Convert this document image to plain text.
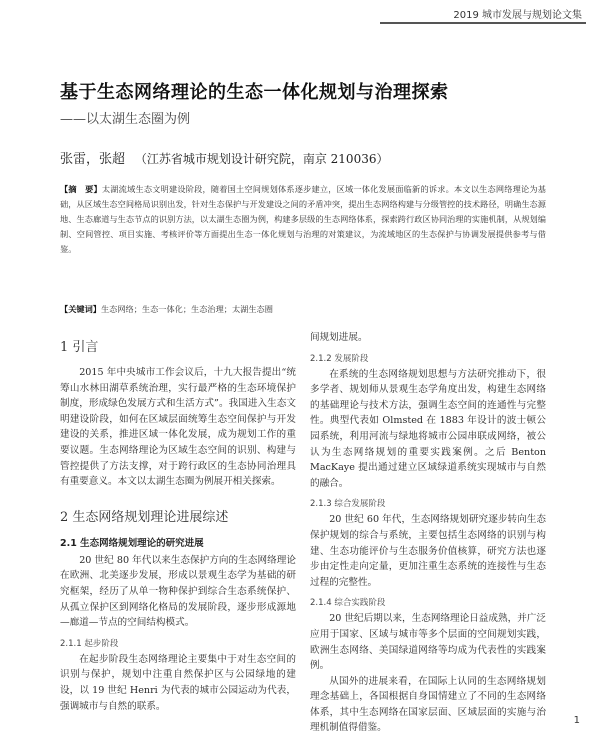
2019 城市发展与规划论文集
基于生态网络理论的生态一体化规划与治理探索
——以太湖生态圈为例
张雷，张超 （江苏省城市规划设计研究院，南京 210036）
【摘　要】太湖流域生态文明建设阶段，随着国土空间规划体系逐步建立，区域一体化发展面临新的诉求。本文以生态网络理论为基础，从区域生态空间格局识别出发，针对生态保护与开发建设之间的矛盾冲突，提出生态网络构建与分级管控的技术路径，明确生态源地、生态廊道与生态节点的识别方法，以太湖生态圈为例，构建多层级的生态网络体系，探索跨行政区协同治理的实施机制，从规划编制、空间管控、项目实施、考核评价等方面提出生态一体化规划与治理的对策建议，为流域地区的生态保护与协调发展提供参考与借鉴。
【关键词】生态网络；生态一体化；生态治理；太湖生态圈
1 引言

2015 年中央城市工作会议后，十九大报告提出“统筹山水林田湖草系统治理，实行最严格的生态环境保护制度，形成绿色发展方式和生活方式”。我国进入生态文明建设阶段，如何在区域层面统筹生态空间保护与开发建设的关系，推进区域一体化发展，成为规划工作的重要议题。生态网络理论为区域生态空间的识别、构建与管控提供了方法支撑，对于跨行政区的生态协同治理具有重要意义。本文以太湖生态圈为例展开相关探索。

2 生态网络规划理论进展综述
2.1 生态网络规划理论的研究进展

20 世纪 80 年代以来生态保护方向的生态网络理论在欧洲、北美逐步发展，形成以景观生态学为基础的研究框架，经历了从单一物种保护到综合生态系统保护、从孤立保护区到网络化格局的发展阶段，逐步形成源地—廊道—节点的空间结构模式。

2.1.1 起步阶段

在起步阶段生态网络理论主要集中于对生态空间的识别与保护，规划中注重自然保护区与公园绿地的建设，以 19 世纪 Henri 为代表的城市公园运动为代表，强调城市与自然的联系。

间规划进展。

2.1.2 发展阶段

在系统的生态网络规划思想与方法研究推动下，很多学者、规划师从景观生态学角度出发，构建生态网络的基础理论与技术方法，强调生态空间的连通性与完整性。典型代表如 Olmsted 在 1883 年设计的波士顿公园系统，利用河流与绿地将城市公园串联成网络，被公认为生态网络规划的重要实践案例。之后 Benton MacKaye 提出通过建立区域绿道系统实现城市与自然的融合。

2.1.3 综合发展阶段

20 世纪 60 年代，生态网络规划研究逐步转向生态保护规划的综合与系统，主要包括生态网络的识别与构建、生态功能评价与生态服务价值核算，研究方法也逐步由定性走向定量，更加注重生态系统的连接性与生态过程的完整性。

2.1.4 综合实践阶段

20 世纪后期以来，生态网络理论日益成熟，并广泛应用于国家、区域与城市等多个层面的空间规划实践，欧洲生态网络、美国绿道网络等均成为代表性的实践案例。

从国外的进展来看，在国际上认同的生态网络规划理念基础上，各国根据自身国情建立了不同的生态网络体系，其中生态网络在国家层面、区域层面的实施与治理机制值得借鉴。

1
